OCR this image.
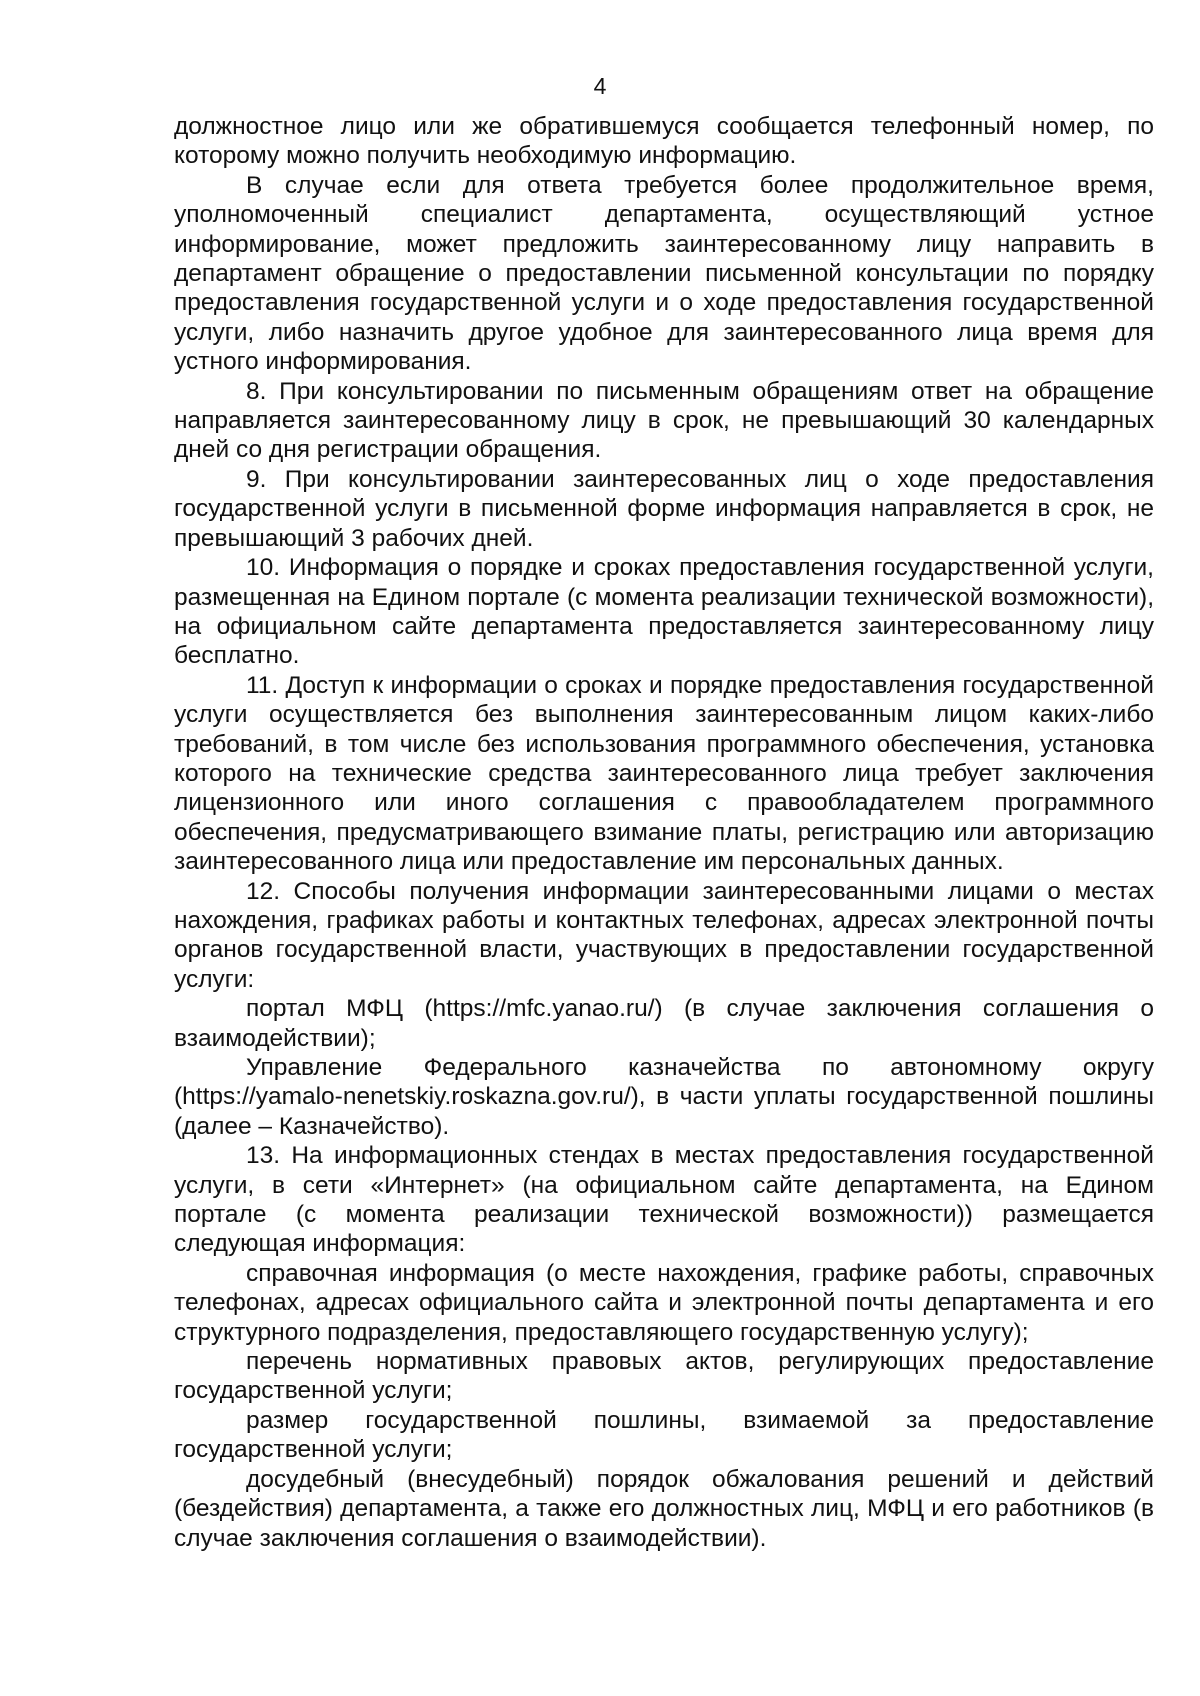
4

должностное лицо или же обратившемуся сообщается телефонный номер, по которому можно получить необходимую информацию.

В случае если для ответа требуется более продолжительное время, уполномоченный специалист департамента, осуществляющий устное информирование, может предложить заинтересованному лицу направить в департамент обращение о предоставлении письменной консультации по порядку предоставления государственной услуги и о ходе предоставления государственной услуги, либо назначить другое удобное для заинтересованного лица время для устного информирования.

8. При консультировании по письменным обращениям ответ на обращение направляется заинтересованному лицу в срок, не превышающий 30 календарных дней со дня регистрации обращения.

9. При консультировании заинтересованных лиц о ходе предоставления государственной услуги в письменной форме информация направляется в срок, не превышающий 3 рабочих дней.

10. Информация о порядке и сроках предоставления государственной услуги, размещенная на Едином портале (с момента реализации технической возможности), на официальном сайте департамента предоставляется заинтересованному лицу бесплатно.

11. Доступ к информации о сроках и порядке предоставления государственной услуги осуществляется без выполнения заинтересованным лицом каких-либо требований, в том числе без использования программного обеспечения, установка которого на технические средства заинтересованного лица требует заключения лицензионного или иного соглашения с правообладателем программного обеспечения, предусматривающего взимание платы, регистрацию или авторизацию заинтересованного лица или предоставление им персональных данных.

12. Способы получения информации заинтересованными лицами о местах нахождения, графиках работы и контактных телефонах, адресах электронной почты органов государственной власти, участвующих в предоставлении государственной услуги:

портал МФЦ (https://mfc.yanao.ru/) (в случае заключения соглашения о взаимодействии);

Управление Федерального казначейства по автономному округу (https://yamalo-nenetskiy.roskazna.gov.ru/), в части уплаты государственной пошлины (далее – Казначейство).

13. На информационных стендах в местах предоставления государственной услуги, в сети «Интернет» (на официальном сайте департамента, на Едином портале (с момента реализации технической возможности)) размещается следующая информация:

справочная информация (о месте нахождения, графике работы, справочных телефонах, адресах официального сайта и электронной почты департамента и его структурного подразделения, предоставляющего государственную услугу);

перечень нормативных правовых актов, регулирующих предоставление государственной услуги;

размер государственной пошлины, взимаемой за предоставление государственной услуги;

досудебный (внесудебный) порядок обжалования решений и действий (бездействия) департамента, а также его должностных лиц, МФЦ и его работников (в случае заключения соглашения о взаимодействии).
